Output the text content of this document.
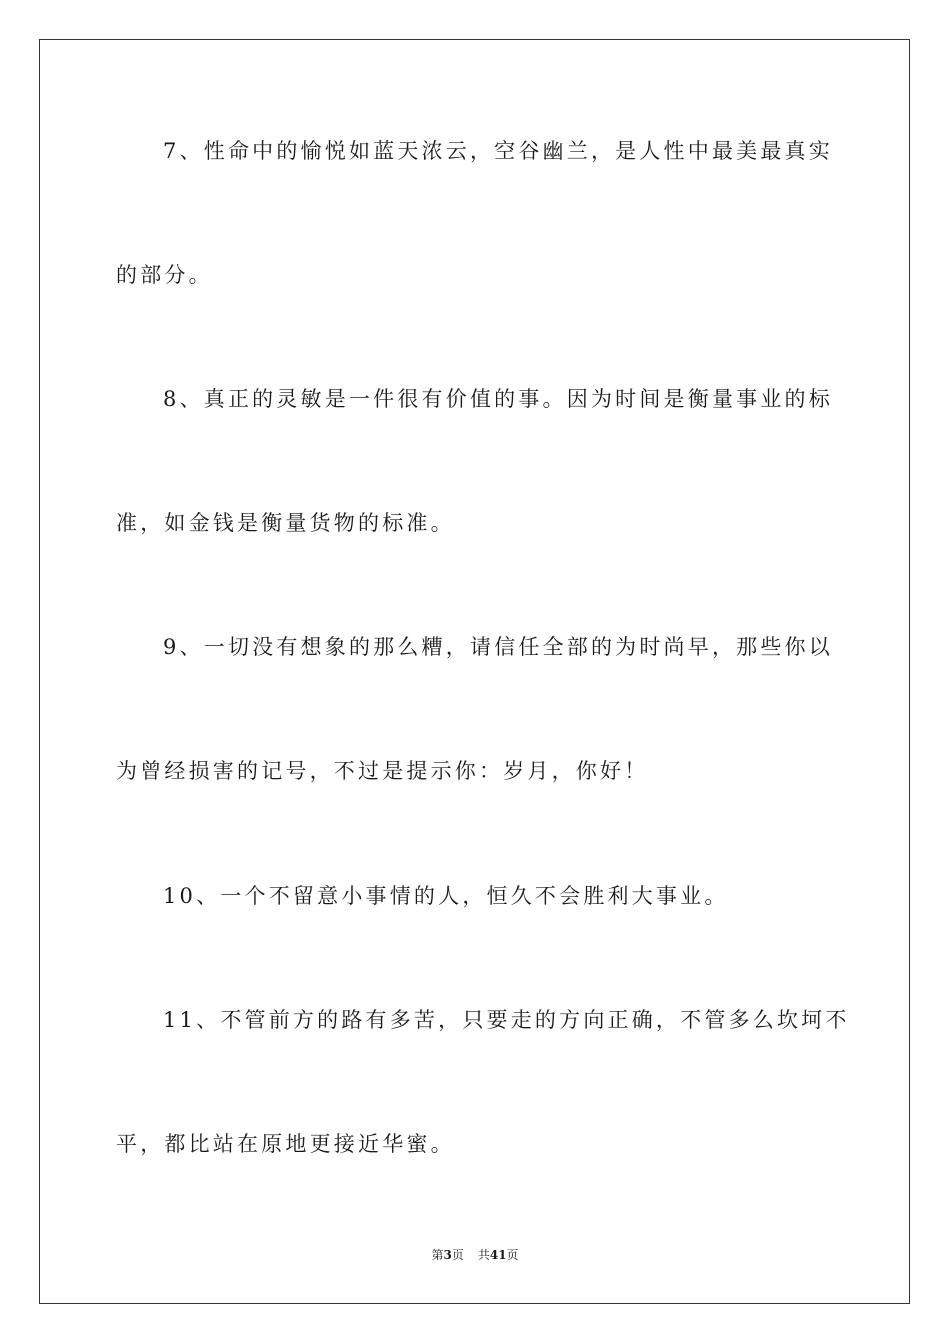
7、性命中的愉悦如蓝天浓云，空谷幽兰，是人性中最美最真实
的部分。
8、真正的灵敏是一件很有价值的事。因为时间是衡量事业的标
准，如金钱是衡量货物的标准。
9、一切没有想象的那么糟，请信任全部的为时尚早，那些你以
为曾经损害的记号，不过是提示你：岁月，你好！
10、一个不留意小事情的人，恒久不会胜利大事业。
11、不管前方的路有多苦，只要走的方向正确，不管多么坎坷不
平，都比站在原地更接近华蜜。
第3页 共41页
